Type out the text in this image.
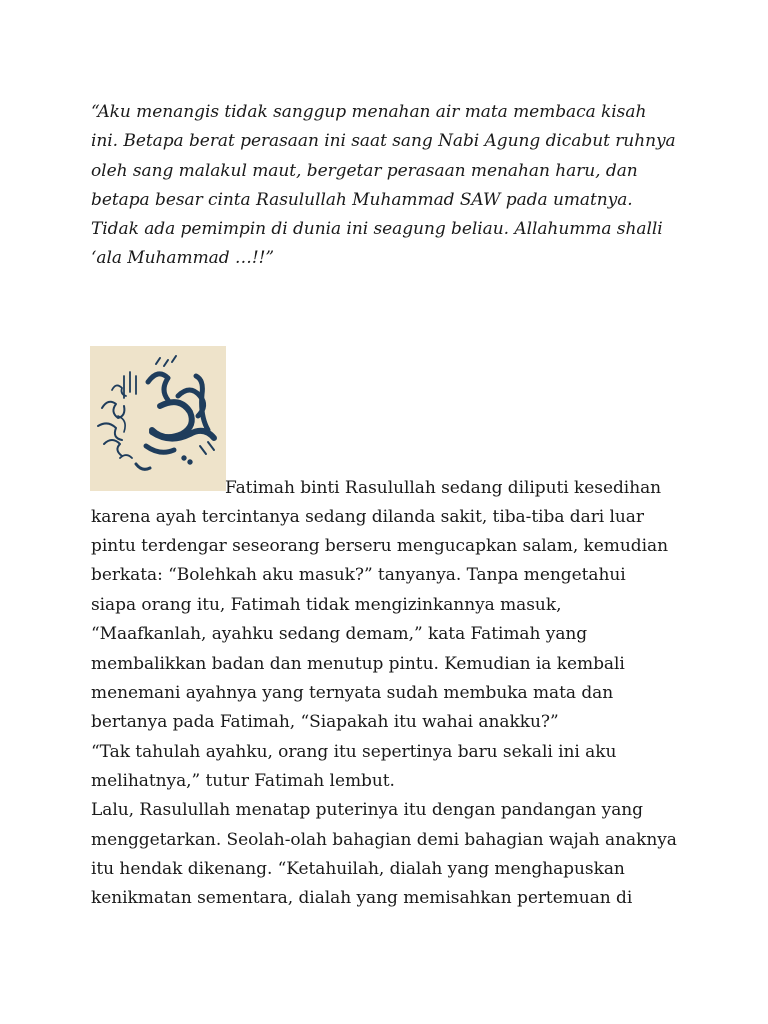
“Aku menangis tidak sanggup menahan air mata membaca kisah
ini. Betapa berat perasaan ini saat sang Nabi Agung dicabut ruhnya
oleh sang malakul maut, bergetar perasaan menahan haru, dan
betapa besar cinta Rasulullah Muhammad SAW pada umatnya.
Tidak ada pemimpin di dunia ini seagung beliau. Allahumma shalli
‘ala Muhammad …!!”

Fatimah binti Rasulullah sedang diliputi kesedihan
karena ayah tercintanya sedang dilanda sakit, tiba-tiba dari luar
pintu terdengar seseorang berseru mengucapkan salam, kemudian
berkata: “Bolehkah aku masuk?” tanyanya. Tanpa mengetahui
siapa orang itu, Fatimah tidak mengizinkannya masuk,
“Maafkanlah, ayahku sedang demam,” kata Fatimah yang
membalikkan badan dan menutup pintu. Kemudian ia kembali
menemani ayahnya yang ternyata sudah membuka mata dan
bertanya pada Fatimah, “Siapakah itu wahai anakku?”
“Tak tahulah ayahku, orang itu sepertinya baru sekali ini aku
melihatnya,” tutur Fatimah lembut.
Lalu, Rasulullah menatap puterinya itu dengan pandangan yang
menggetarkan. Seolah-olah bahagian demi bahagian wajah anaknya
itu hendak dikenang. “Ketahuilah, dialah yang menghapuskan
kenikmatan sementara, dialah yang memisahkan pertemuan di
